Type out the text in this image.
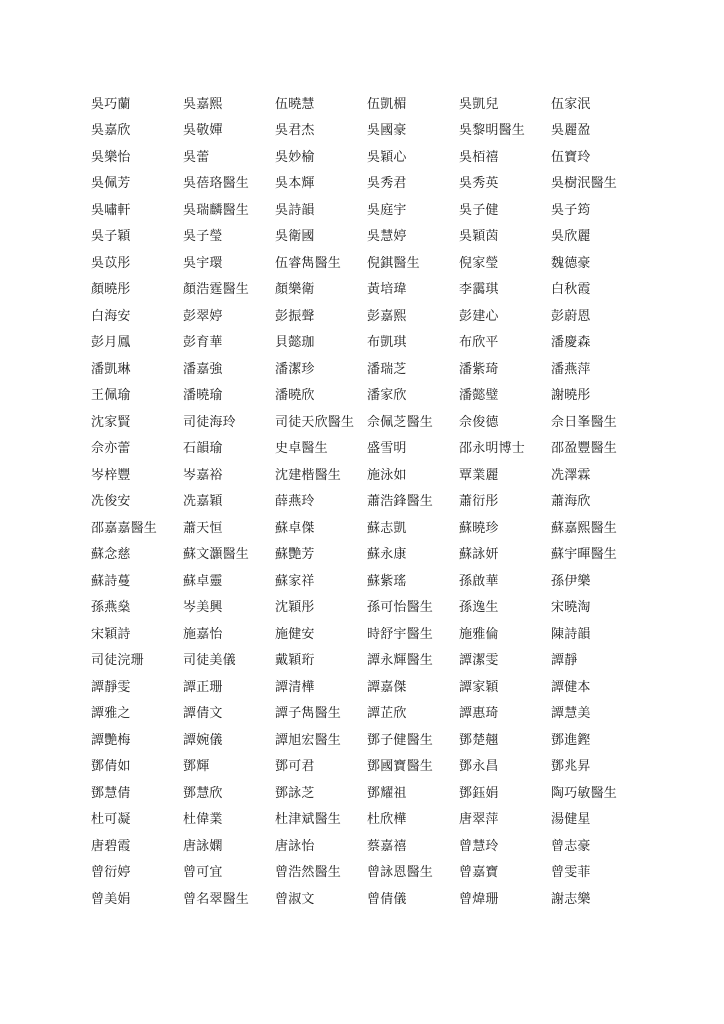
吳巧蘭	吳嘉熙	伍曉慧	伍凱楣	吳凱兒	伍家泯
吳嘉欣	吳敬嬋	吳君杰	吳國豪	吳黎明醫生	吳麗盈
吳樂怡	吳蕾	吳妙榆	吳穎心	吳栢禧	伍寶玲
吳佩芳	吳蓓珞醫生	吳本輝	吳秀君	吳秀英	吳樹泯醫生
吳嘯軒	吳瑞麟醫生	吳詩韻	吳庭宇	吳子健	吳子筠
吳子穎	吳子瑩	吳衛國	吳慧婷	吳穎茵	吳欣麗
吳苡彤	吳宇環	伍睿雋醫生	倪錤醫生	倪家瑩	魏德豪
顏曉彤	顏浩霆醫生	顏樂衛	黃培瑋	李靄琪	白秋霞
白海安	彭翠婷	彭振聲	彭嘉熙	彭建心	彭蔚恩
彭月鳳	彭育華	貝懿珈	布凱琪	布欣平	潘慶森
潘凱琳	潘嘉強	潘潔珍	潘瑞芝	潘紫琦	潘燕萍
王佩瑜	潘曉瑜	潘曉欣	潘家欣	潘懿璧	謝曉彤
沈家賢	司徒海玲	司徒天欣醫生 佘佩芝醫生	佘俊德	佘日峯醫生
佘亦蕾	石韻瑜	史卓醫生	盛雪明	邵永明博士	邵盈豐醫生
岑梓豐	岑嘉裕	沈建楷醫生	施泳如	覃業麗	冼澤霖
冼俊安	冼嘉穎	薛燕玲	蕭浩鋒醫生	蕭衍彤	蕭海欣
邵嘉嘉醫生	蕭天恒	蘇卓傑	蘇志凱	蘇曉珍	蘇嘉熙醫生
蘇念慈	蘇文灝醫生	蘇艷芳	蘇永康	蘇詠妍	蘇宇暉醫生
蘇詩蔓	蘇卓靈	蘇家祥	蘇紫瑤	孫啟華	孫伊樂
孫燕燊	岑美興	沈穎彤	孫可怡醫生	孫逸生	宋曉淘
宋穎詩	施嘉怡	施健安	時舒宇醫生	施雅倫	陳詩韻
司徒浣珊	司徒美儀	戴穎珩	譚永輝醫生	譚潔雯	譚靜
譚靜雯	譚正珊	譚清樺	譚嘉傑	譚家穎	譚健本
譚雅之	譚倩文	譚子雋醫生	譚芷欣	譚惠琦	譚慧美
譚艷梅	譚婉儀	譚旭宏醫生	鄧子健醫生	鄧楚翹	鄧進鏗
鄧倩如	鄧輝	鄧可君	鄧國寶醫生	鄧永昌	鄧兆昇
鄧慧倩	鄧慧欣	鄧詠芝	鄧耀祖	鄧鈺娟	陶巧敏醫生
杜可凝	杜偉業	杜津斌醫生	杜欣樺	唐翠萍	湯健星
唐碧霞	唐詠嫻	唐詠怡	蔡嘉禧	曾慧玲	曾志豪
曾衍婷	曾可宜	曾浩然醫生	曾詠恩醫生	曾嘉寶	曾雯菲
曾美娟	曾名翠醫生	曾淑文	曾倩儀	曾煒珊	謝志樂
